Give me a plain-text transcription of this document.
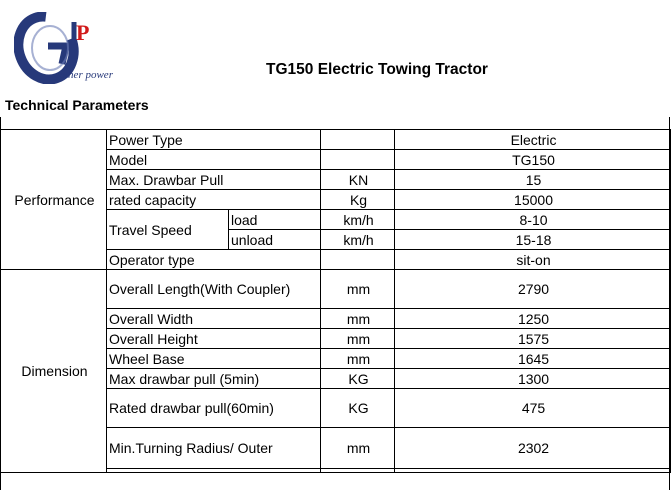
P
gather power	TG150 Electric Towing Tractor
Technical Parameters
Performance	Power Type			Electric
	Model			TG150
	Max. Drawbar Pull		KN	15
	rated capacity		Kg	15000
	Travel Speed	load	km/h	8-10
		unload	km/h	15-18
	Operator type			sit-on
Dimension	Overall Length(With Coupler)		mm	2790
	Overall Width		mm	1250
	Overall Height		mm	1575
	Wheel Base		mm	1645
	Max drawbar pull (5min)		KG	1300
	Rated drawbar pull(60min)		KG	475
	Min.Turning Radius/ Outer		mm	2302
